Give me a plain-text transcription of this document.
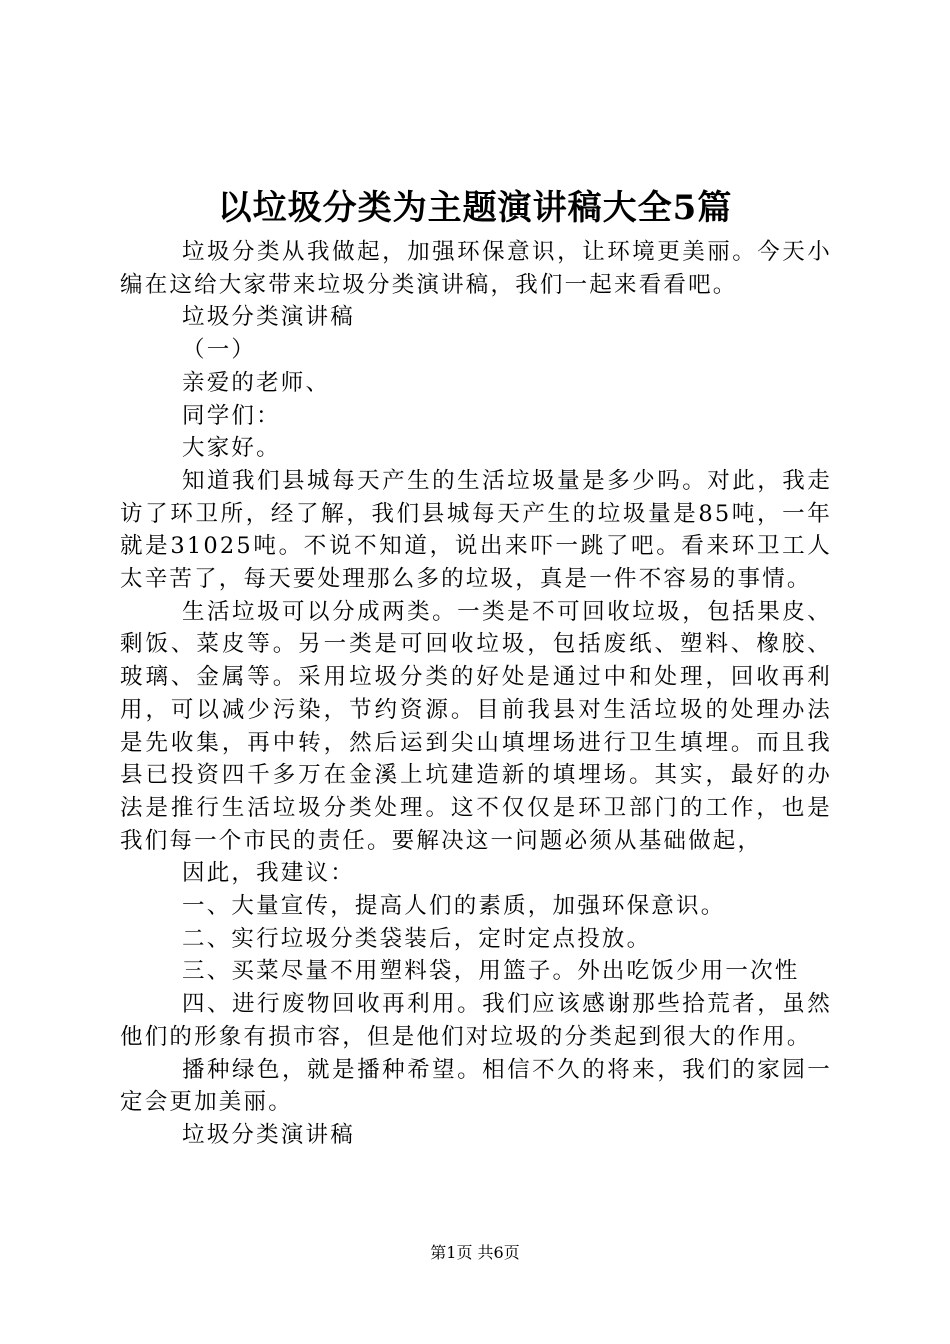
以垃圾分类为主题演讲稿大全5篇

垃圾分类从我做起，加强环保意识，让环境更美丽。今天小编在这给大家带来垃圾分类演讲稿，我们一起来看看吧。

垃圾分类演讲稿

（一）

亲爱的老师、

同学们：

大家好。

知道我们县城每天产生的生活垃圾量是多少吗。对此，我走访了环卫所，经了解，我们县城每天产生的垃圾量是85吨，一年就是31025吨。不说不知道，说出来吓一跳了吧。看来环卫工人太辛苦了，每天要处理那么多的垃圾，真是一件不容易的事情。

生活垃圾可以分成两类。一类是不可回收垃圾，包括果皮、剩饭、菜皮等。另一类是可回收垃圾，包括废纸、塑料、橡胶、玻璃、金属等。采用垃圾分类的好处是通过中和处理，回收再利用，可以减少污染，节约资源。目前我县对生活垃圾的处理办法是先收集，再中转，然后运到尖山填埋场进行卫生填埋。而且我县已投资四千多万在金溪上坑建造新的填埋场。其实，最好的办法是推行生活垃圾分类处理。这不仅仅是环卫部门的工作，也是我们每一个市民的责任。要解决这一问题必须从基础做起，

因此，我建议：

一、大量宣传，提高人们的素质，加强环保意识。

二、实行垃圾分类袋装后，定时定点投放。

三、买菜尽量不用塑料袋，用篮子。外出吃饭少用一次性

四、进行废物回收再利用。我们应该感谢那些拾荒者，虽然他们的形象有损市容，但是他们对垃圾的分类起到很大的作用。

播种绿色，就是播种希望。相信不久的将来，我们的家园一定会更加美丽。

垃圾分类演讲稿

第1页 共6页
